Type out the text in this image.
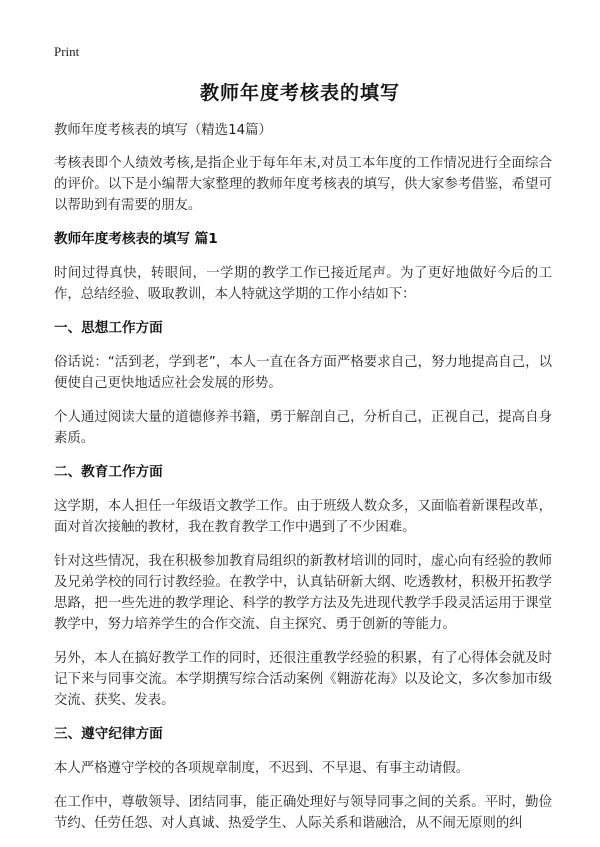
Print
教师年度考核表的填写

教师年度考核表的填写（精选14篇）

考核表即个人绩效考核,是指企业于每年年末,对员工本年度的工作情况进行全面综合的评价。以下是小编帮大家整理的教师年度考核表的填写，供大家参考借鉴，希望可以帮助到有需要的朋友。

教师年度考核表的填写 篇1

时间过得真快，转眼间，一学期的教学工作已接近尾声。为了更好地做好今后的工作，总结经验、吸取教训，本人特就这学期的工作小结如下：

一、思想工作方面

俗话说：“活到老，学到老”，本人一直在各方面严格要求自己，努力地提高自己，以便使自己更快地适应社会发展的形势。

个人通过阅读大量的道德修养书籍，勇于解剖自己，分析自己，正视自己，提高自身素质。

二、教育工作方面

这学期，本人担任一年级语文教学工作。由于班级人数众多，又面临着新课程改革，面对首次接触的教材，我在教育教学工作中遇到了不少困难。

针对这些情况，我在积极参加教育局组织的新教材培训的同时，虚心向有经验的教师及兄弟学校的同行讨教经验。在教学中，认真钻研新大纲、吃透教材，积极开拓教学思路，把一些先进的教学理论、科学的教学方法及先进现代教学手段灵活运用于课堂教学中，努力培养学生的合作交流、自主探究、勇于创新的等能力。

另外，本人在搞好教学工作的同时，还很注重教学经验的积累，有了心得体会就及时记下来与同事交流。本学期撰写综合活动案例《翱游花海》以及论文，多次参加市级交流、获奖、发表。

三、遵守纪律方面

本人严格遵守学校的各项规章制度，不迟到、不早退、有事主动请假。

在工作中，尊敬领导、团结同事，能正确处理好与领导同事之间的关系。平时，勤俭节约、任劳任怨、对人真诚、热爱学生、人际关系和谐融洽，从不闹无原则的纠
